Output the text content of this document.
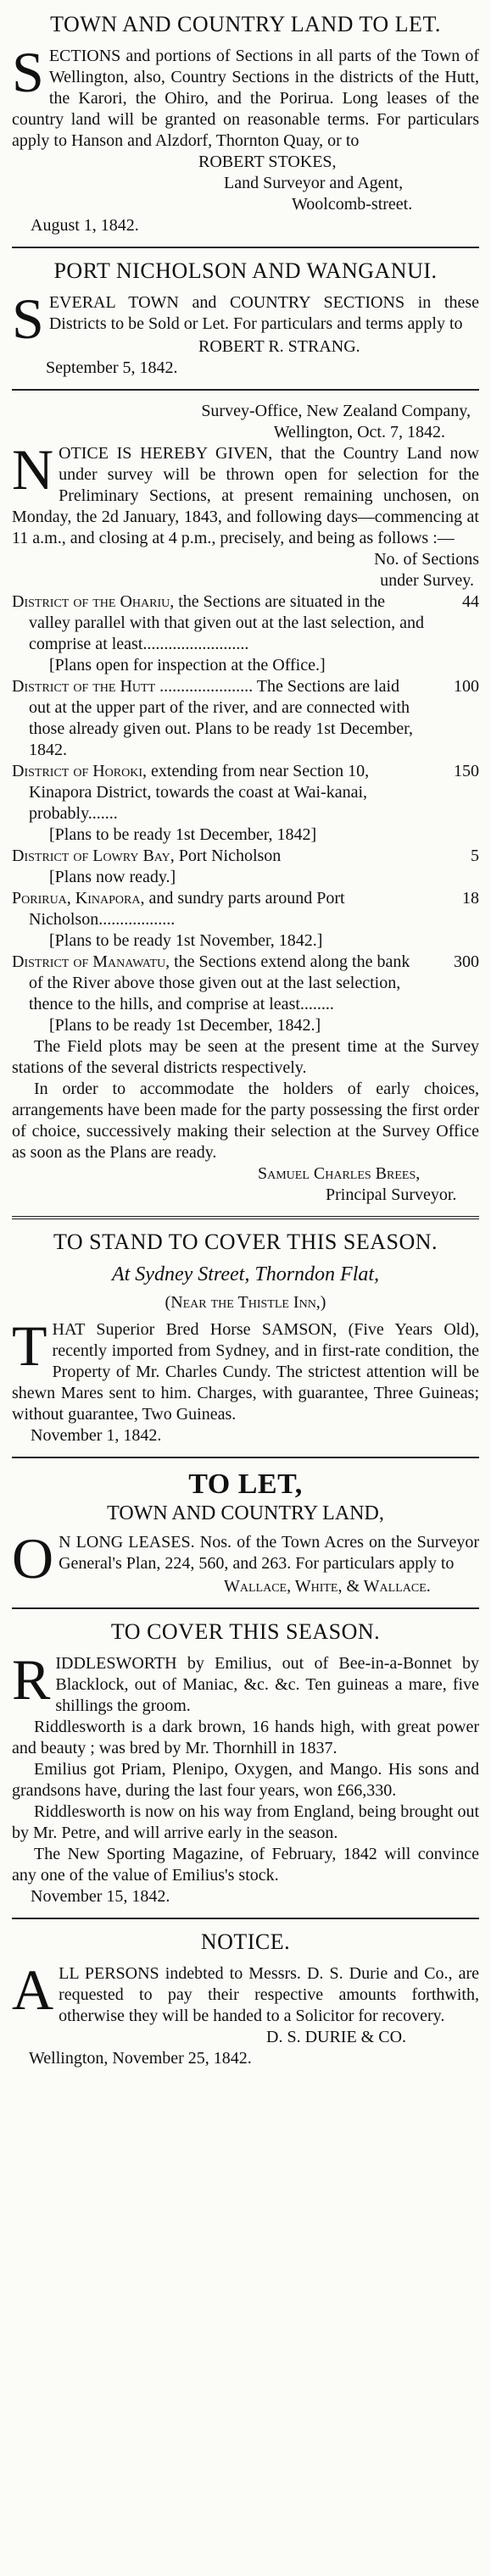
TOWN AND COUNTRY LAND TO LET.

SECTIONS and portions of Sections in all parts of the Town of Wellington, also, Country Sections in the districts of the Hutt, the Karori, the Ohiro, and the Porirua. Long leases of the country land will be granted on reasonable terms. For particulars apply to Hanson and Alzdorf, Thornton Quay, or to

ROBERT STOKES,
Land Surveyor and Agent,
Woolcomb-street.
August 1, 1842.
PORT NICHOLSON AND WANGANUI.

SEVERAL TOWN and COUNTRY SECTIONS in these Districts to be Sold or Let. For particulars and terms apply to

ROBERT R. STRANG.
September 5, 1842.
Survey-Office, New Zealand Company,
Wellington, Oct. 7, 1842.

NOTICE IS HEREBY GIVEN, that the Country Land now under survey will be thrown open for selection for the Preliminary Sections, at present remaining unchosen, on Monday, the 2d January, 1843, and following days—commencing at 11 a.m., and closing at 4 p.m., precisely, and being as follows :—

No. of Sections
under Survey.
District of the Ohariu, the Sections are situated in the valley parallel with that given out at the last selection, and comprise at least.........................
44
[Plans open for inspection at the Office.]
District of the Hutt ...................... The Sections are laid out at the upper part of the river, and are connected with those already given out. Plans to be ready 1st December, 1842.
100
District of Horoki, extending from near Section 10, Kinapora District, towards the coast at Wai-kanai, probably.......
150
[Plans to be ready 1st December, 1842]
District of Lowry Bay, Port Nicholson	5
[Plans now ready.]
Porirua, Kinapora, and sundry parts around Port Nicholson..................
18
[Plans to be ready 1st November, 1842.]
District of Manawatu, the Sections extend along the bank of the River above those given out at the last selection, thence to the hills, and comprise at least........
300
[Plans to be ready 1st December, 1842.]

The Field plots may be seen at the present time at the Survey stations of the several districts respectively.

In order to accommodate the holders of early choices, arrangements have been made for the party possessing the first order of choice, successively making their selection at the Survey Office as soon as the Plans are ready.

Samuel Charles Brees,
Principal Surveyor.
TO STAND TO COVER THIS SEASON.
At Sydney Street, Thorndon Flat,
(Near the Thistle Inn,)

THAT Superior Bred Horse SAMSON, (Five Years Old), recently imported from Sydney, and in first-rate condition, the Property of Mr. Charles Cundy. The strictest attention will be shewn Mares sent to him. Charges, with guarantee, Three Guineas; without guarantee, Two Guineas.

November 1, 1842.
TO LET,
TOWN AND COUNTRY LAND,

O N LONG LEASES. Nos. of the Town Acres on the Surveyor General's Plan, 224, 560, and 263. For particulars apply to

Wallace, White, & Wallace.
TO COVER THIS SEASON.

RIDDLESWORTH by Emilius, out of Bee-in-a-Bonnet by Blacklock, out of Maniac, &c. &c. Ten guineas a mare, five shillings the groom.

Riddlesworth is a dark brown, 16 hands high, with great power and beauty ; was bred by Mr. Thornhill in 1837.

Emilius got Priam, Plenipo, Oxygen, and Mango. His sons and grandsons have, during the last four years, won £66,330.

Riddlesworth is now on his way from England, being brought out by Mr. Petre, and will arrive early in the season.

The New Sporting Magazine, of February, 1842 will convince any one of the value of Emilius's stock.

November 15, 1842.
NOTICE.

ALL PERSONS indebted to Messrs. D. S. Durie and Co., are requested to pay their respective amounts forthwith, otherwise they will be handed to a Solicitor for recovery.

D. S. DURIE & CO.
Wellington, November 25, 1842.
